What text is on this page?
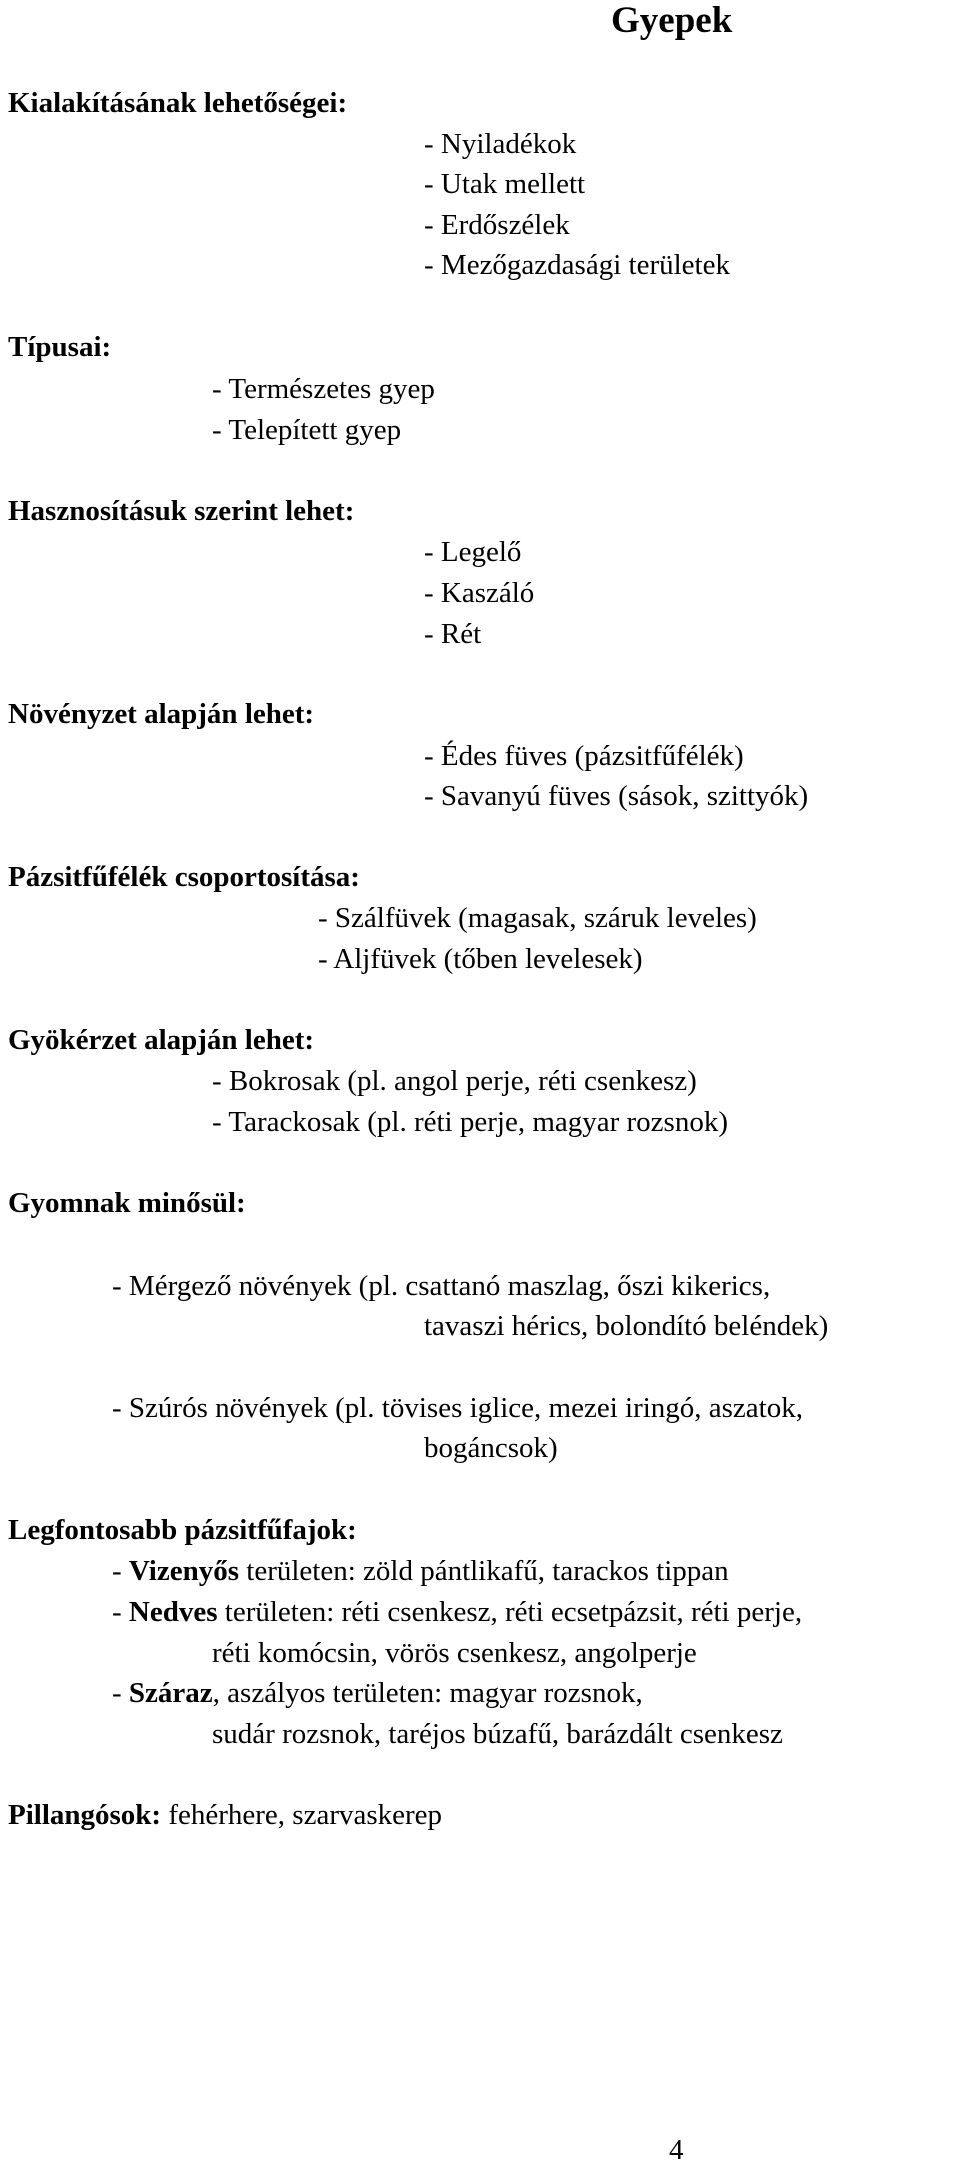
Gyepek
Kialakításának lehetőségei:
- Nyiladékok
- Utak mellett
- Erdőszélek
- Mezőgazdasági területek
Típusai:
- Természetes gyep
- Telepített gyep
Hasznosításuk szerint lehet:
- Legelő
- Kaszáló
- Rét
Növényzet alapján lehet:
- Édes füves (pázsitfűfélék)
- Savanyú füves (sások, szittyók)
Pázsitfűfélék csoportosítása:
- Szálfüvek (magasak, száruk leveles)
- Aljfüvek (tőben levelesek)
Gyökérzet alapján lehet:
- Bokrosak (pl. angol perje, réti csenkesz)
- Tarackosak (pl. réti perje, magyar rozsnok)
Gyomnak minősül:
- Mérgező növények (pl. csattanó maszlag, őszi kikerics,
tavaszi hérics, bolondító beléndek)
- Szúrós növények (pl. tövises iglice, mezei iringó, aszatok,
bogáncsok)
Legfontosabb pázsitfűfajok:
- Vizenyős területen: zöld pántlikafű, tarackos tippan
- Nedves területen: réti csenkesz, réti ecsetpázsit, réti perje,
réti komócsin, vörös csenkesz, angolperje
- Száraz, aszályos területen: magyar rozsnok,
sudár rozsnok, taréjos búzafű, barázdált csenkesz
Pillangósok: fehérhere, szarvaskerep
4
